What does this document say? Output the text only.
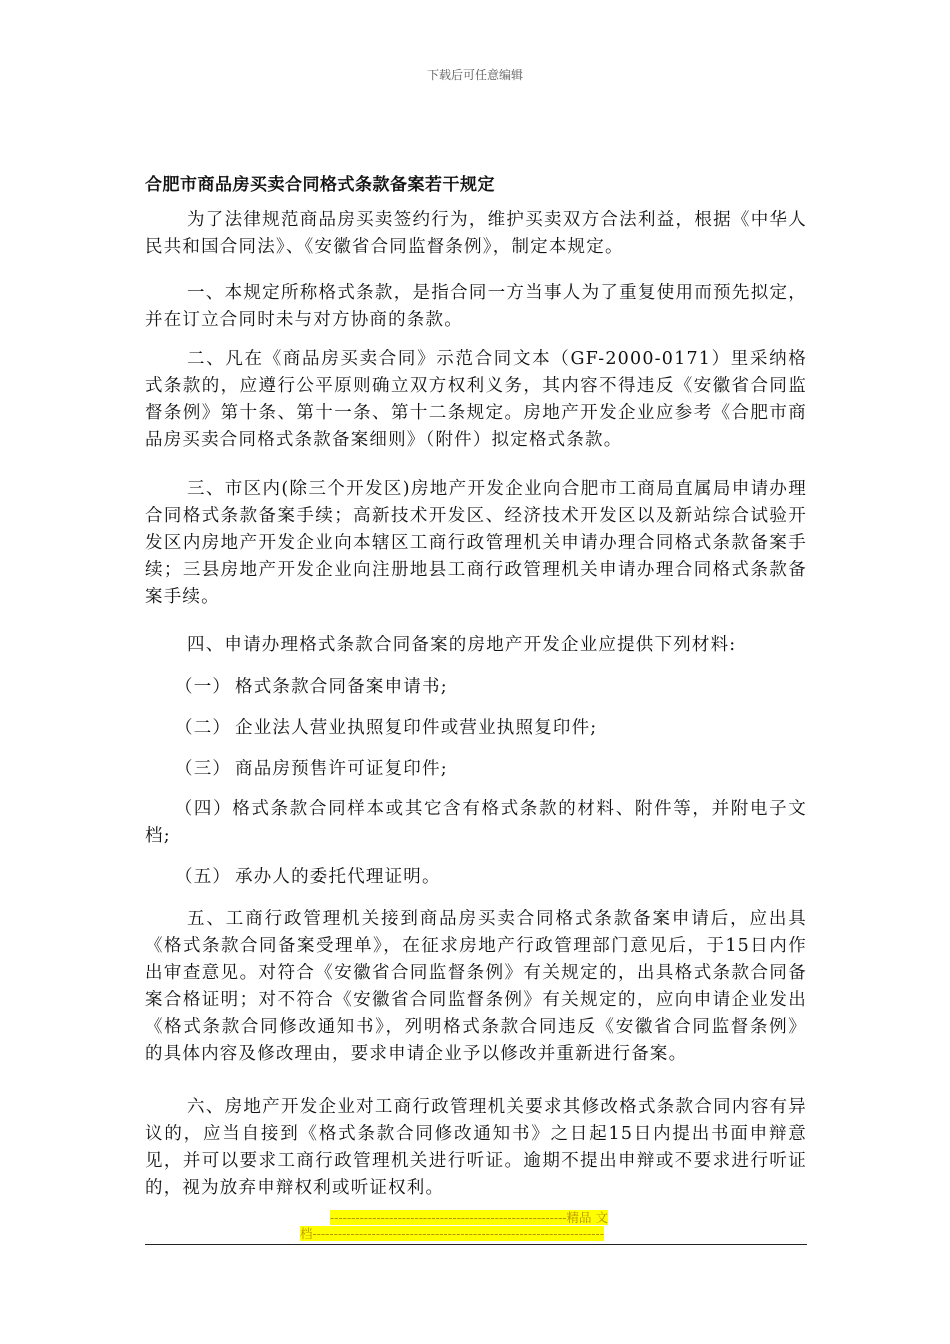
下载后可任意编辑
合肥市商品房买卖合同格式条款备案若干规定

为了法律规范商品房买卖签约行为，维护买卖双方合法利益，根据《中华人民共和国合同法》、《安徽省合同监督条例》，制定本规定。

一、本规定所称格式条款，是指合同一方当事人为了重复使用而预先拟定，并在订立合同时未与对方协商的条款。

二、凡在《商品房买卖合同》示范合同文本（GF-2000-0171）里采纳格式条款的，应遵行公平原则确立双方权利义务，其内容不得违反《安徽省合同监督条例》第十条、第十一条、第十二条规定。房地产开发企业应参考《合肥市商品房买卖合同格式条款备案细则》（附件）拟定格式条款。

三、市区内(除三个开发区)房地产开发企业向合肥市工商局直属局申请办理合同格式条款备案手续；高新技术开发区、经济技术开发区以及新站综合试验开发区内房地产开发企业向本辖区工商行政管理机关申请办理合同格式条款备案手续；三县房地产开发企业向注册地县工商行政管理机关申请办理合同格式条款备案手续。

四、申请办理格式条款合同备案的房地产开发企业应提供下列材料:

（一） 格式条款合同备案申请书;
（二） 企业法人营业执照复印件或营业执照复印件;
（三） 商品房预售许可证复印件;

（四）格式条款合同样本或其它含有格式条款的材料、附件等，并附电子文档;

（五） 承办人的委托代理证明。

五、工商行政管理机关接到商品房买卖合同格式条款备案申请后，应出具《格式条款合同备案受理单》，在征求房地产行政管理部门意见后，于15日内作出审查意见。对符合《安徽省合同监督条例》有关规定的，出具格式条款合同备案合格证明；对不符合《安徽省合同监督条例》有关规定的，应向申请企业发出《格式条款合同修改通知书》，列明格式条款合同违反《安徽省合同监督条例》的具体内容及修改理由，要求申请企业予以修改并重新进行备案。

六、房地产开发企业对工商行政管理机关要求其修改格式条款合同内容有异议的，应当自接到《格式条款合同修改通知书》之日起15日内提出书面申辩意见，并可以要求工商行政管理机关进行听证。逾期不提出申辩或不要求进行听证的，视为放弃申辩权利或听证权利。

--------------------------------------------------------精品 文
档---------------------------------------------------------------------
